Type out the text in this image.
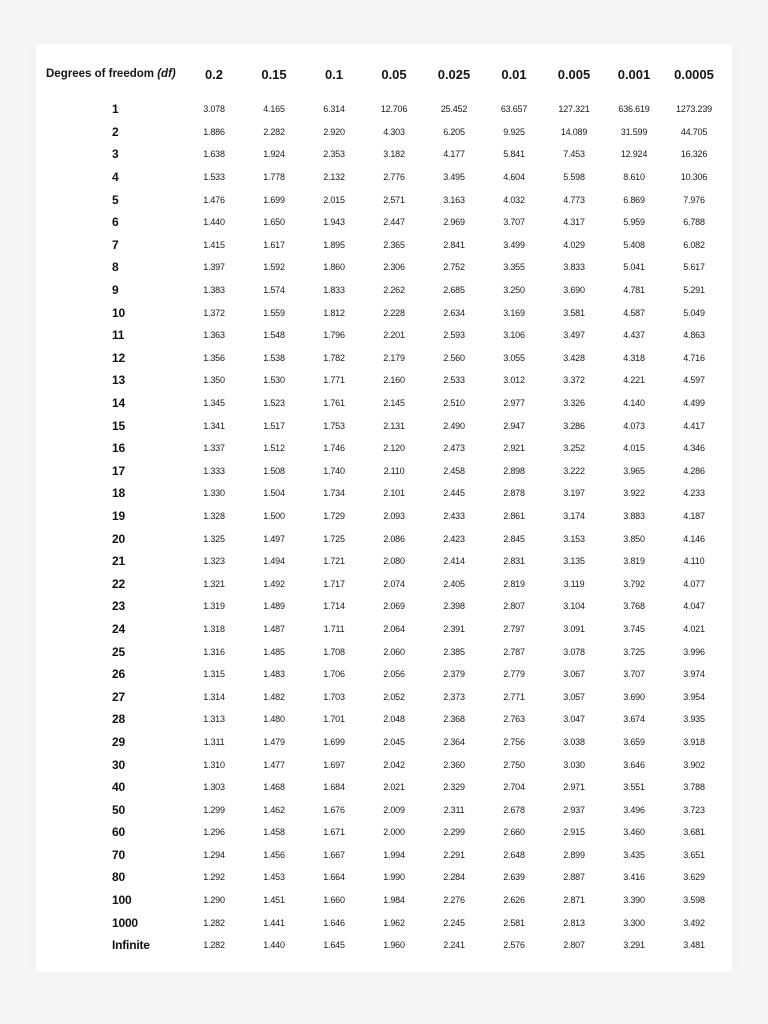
Degrees of freedom (df)	0.2	0.15	0.1	0.05	0.025	0.01	0.005	0.001	0.0005

1	3.078	4.165	6.314	12.706	25.452	63.657	127.321	636.619	1273.239
2	1.886	2.282	2.920	4.303	6.205	9.925	14.089	31.599	44.705
3	1.638	1.924	2.353	3.182	4.177	5.841	7.453	12.924	16.326
4	1.533	1.778	2.132	2.776	3.495	4.604	5.598	8.610	10.306
5	1.476	1.699	2.015	2.571	3.163	4.032	4.773	6.869	7.976
6	1.440	1.650	1.943	2.447	2.969	3.707	4.317	5.959	6.788
7	1.415	1.617	1.895	2.365	2.841	3.499	4.029	5.408	6.082
8	1.397	1.592	1.860	2.306	2.752	3.355	3.833	5.041	5.617
9	1.383	1.574	1.833	2.262	2.685	3.250	3.690	4.781	5.291
10	1.372	1.559	1.812	2.228	2.634	3.169	3.581	4.587	5.049
11	1.363	1.548	1.796	2.201	2.593	3.106	3.497	4.437	4.863
12	1.356	1.538	1.782	2.179	2.560	3.055	3.428	4.318	4.716
13	1.350	1.530	1.771	2.160	2.533	3.012	3.372	4.221	4.597
14	1.345	1.523	1.761	2.145	2.510	2.977	3.326	4.140	4.499
15	1.341	1.517	1.753	2.131	2.490	2.947	3.286	4.073	4.417
16	1.337	1.512	1.746	2.120	2.473	2.921	3.252	4.015	4.346
17	1.333	1.508	1.740	2.110	2.458	2.898	3.222	3.965	4.286
18	1.330	1.504	1.734	2.101	2.445	2.878	3.197	3.922	4.233
19	1.328	1.500	1.729	2.093	2.433	2.861	3.174	3.883	4.187
20	1.325	1.497	1.725	2.086	2.423	2.845	3.153	3.850	4.146
21	1.323	1.494	1.721	2.080	2.414	2.831	3.135	3.819	4.110
22	1.321	1.492	1.717	2.074	2.405	2.819	3.119	3.792	4.077
23	1.319	1.489	1.714	2.069	2.398	2.807	3.104	3.768	4.047
24	1.318	1.487	1.711	2.064	2.391	2.797	3.091	3.745	4.021
25	1.316	1.485	1.708	2.060	2.385	2.787	3.078	3.725	3.996
26	1.315	1.483	1.706	2.056	2.379	2.779	3.067	3.707	3.974
27	1.314	1.482	1.703	2.052	2.373	2.771	3.057	3.690	3.954
28	1.313	1.480	1.701	2.048	2.368	2.763	3.047	3.674	3.935
29	1.311	1.479	1.699	2.045	2.364	2.756	3.038	3.659	3.918
30	1.310	1.477	1.697	2.042	2.360	2.750	3.030	3.646	3.902
40	1.303	1.468	1.684	2.021	2.329	2.704	2.971	3.551	3.788
50	1.299	1.462	1.676	2.009	2.311	2.678	2.937	3.496	3.723
60	1.296	1.458	1.671	2.000	2.299	2.660	2.915	3.460	3.681
70	1.294	1.456	1.667	1.994	2.291	2.648	2.899	3.435	3.651
80	1.292	1.453	1.664	1.990	2.284	2.639	2.887	3.416	3.629
100	1.290	1.451	1.660	1.984	2.276	2.626	2.871	3.390	3.598
1000	1.282	1.441	1.646	1.962	2.245	2.581	2.813	3.300	3.492
Infinite	1.282	1.440	1.645	1.960	2.241	2.576	2.807	3.291	3.481
